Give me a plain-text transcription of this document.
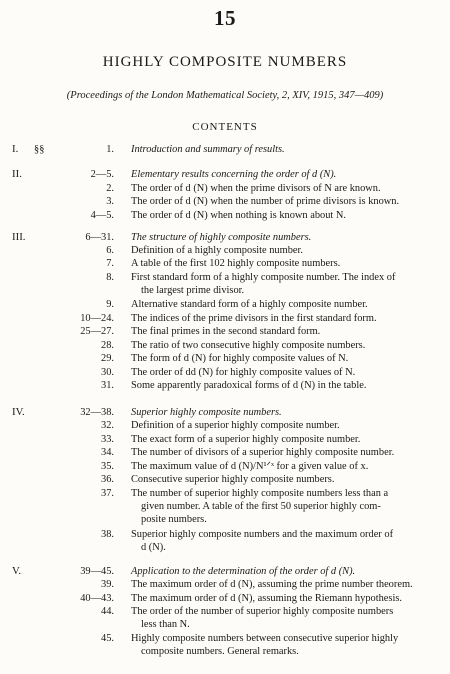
15
HIGHLY COMPOSITE NUMBERS
(Proceedings of the London Mathematical Society, 2, XIV, 1915, 347—409)
CONTENTS
I. §§	1. Introduction and summary of results.
II.	2—5. Elementary results concerning the order of d (N).
2. The order of d (N) when the prime divisors of N are known.
3. The order of d (N) when the number of prime divisors is known.
4—5. The order of d (N) when nothing is known about N.
III.	6—31. The structure of highly composite numbers.
6. Definition of a highly composite number.
7. A table of the first 102 highly composite numbers.
8. First standard form of a highly composite number. The index of

the largest prime divisor.
9. Alternative standard form of a highly composite number.
10—24. The indices of the prime divisors in the first standard form.
25—27. The final primes in the second standard form.
28. The ratio of two consecutive highly composite numbers.
29. The form of d (N) for highly composite values of N.
30. The order of dd (N) for highly composite values of N.
31. Some apparently paradoxical forms of d (N) in the table.
IV.	32—38. Superior highly composite numbers.
32. Definition of a superior highly composite number.
33. The exact form of a superior highly composite number.
34. The number of divisors of a superior highly composite number.
35. The maximum value of d (N)/N¹ᐟˣ for a given value of x.
36. Consecutive superior highly composite numbers.
37. The number of superior highly composite numbers less than a

given number. A table of the first 50 superior highly com-
posite numbers.
38. Superior highly composite numbers and the maximum order of

d (N).
V.	39—45. Application to the determination of the order of d (N).
39. The maximum order of d (N), assuming the prime number theorem.
40—43. The maximum order of d (N), assuming the Riemann hypothesis.
44. The order of the number of superior highly composite numbers

less than N.
45. Highly composite numbers between consecutive superior highly

composite numbers. General remarks.
